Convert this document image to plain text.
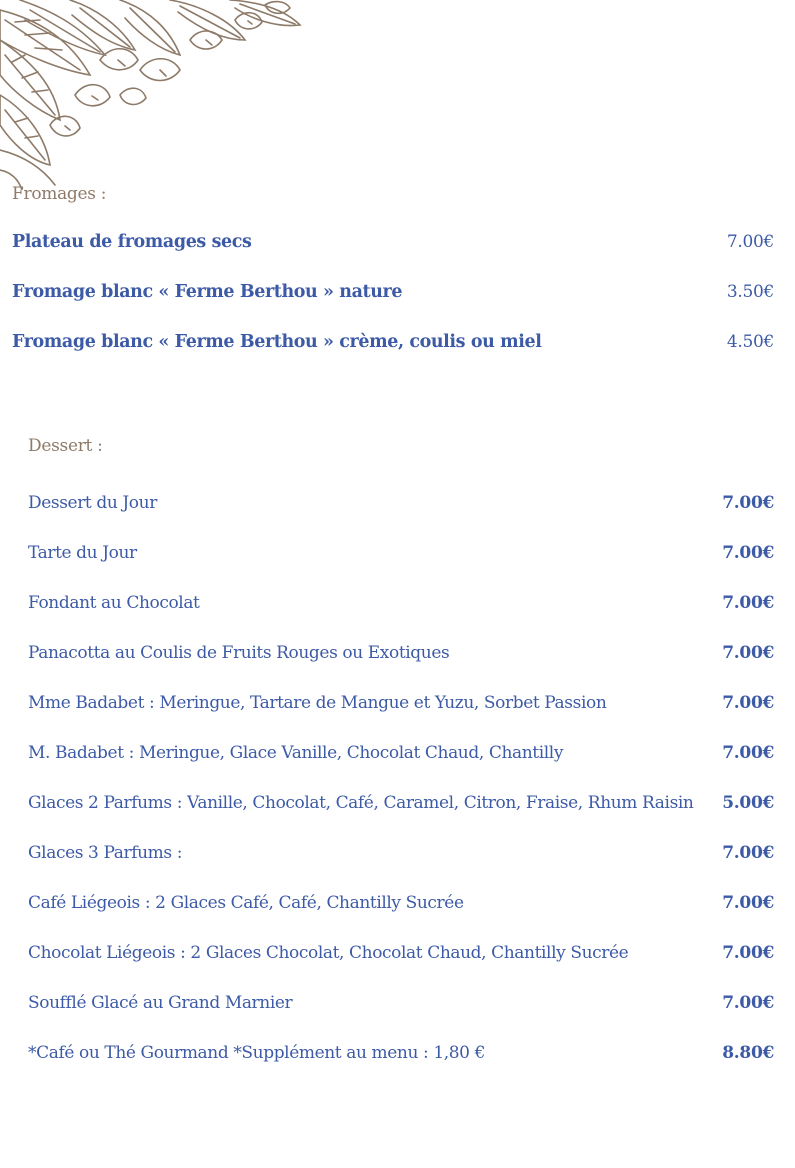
Fromages :
Plateau de fromages secs	7.00€
Fromage blanc « Ferme Berthou » nature	3.50€
Fromage blanc « Ferme Berthou » crème, coulis ou miel	4.50€
Dessert :
Dessert du Jour	7.00€
Tarte du Jour	7.00€
Fondant au Chocolat	7.00€
Panacotta au Coulis de Fruits Rouges ou Exotiques	7.00€
Mme Badabet : Meringue, Tartare de Mangue et Yuzu, Sorbet Passion	7.00€
M. Badabet : Meringue, Glace Vanille, Chocolat Chaud, Chantilly	7.00€
Glaces 2 Parfums : Vanille, Chocolat, Café, Caramel, Citron, Fraise, Rhum Raisin 5.00€
Glaces 3 Parfums :	7.00€
Café Liégeois : 2 Glaces Café, Café, Chantilly Sucrée	7.00€
Chocolat Liégeois : 2 Glaces Chocolat, Chocolat Chaud, Chantilly Sucrée	7.00€
Soufflé Glacé au Grand Marnier	7.00€
*Café ou Thé Gourmand *Supplément au menu : 1,80 €	8.80€
